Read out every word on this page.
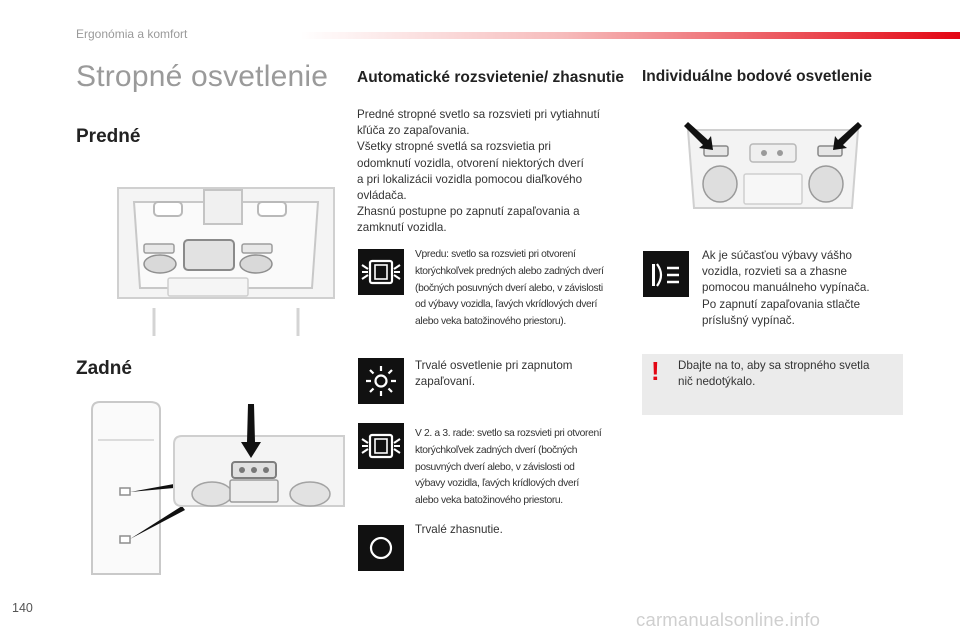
Ergonómia a komfort
Stropné osvetlenie
Predné
Zadné
Automatické rozsvietenie/ zhasnutie
Predné stropné svetlo sa rozsvieti pri vytiahnutí
kľúča zo zapaľovania.
Všetky stropné svetlá sa rozsvietia pri
odomknutí vozidla, otvorení niektorých dverí
a pri lokalizácii vozidla pomocou diaľkového
ovládača.
Zhasnú postupne po zapnutí zapaľovania a
zamknutí vozidla.
Vpredu: svetlo sa rozsvieti pri otvorení
ktorýchkoľvek predných alebo zadných dverí
(bočných posuvných dverí alebo, v závislosti
od výbavy vozidla, ľavých vkrídlových dverí
alebo veka batožinového priestoru).
Trvalé osvetlenie pri zapnutom
zapaľovaní.
V 2. a 3. rade: svetlo sa rozsvieti pri otvorení
ktorýchkoľvek zadných dverí (bočných
posuvných dverí alebo, v závislosti od
výbavy vozidla, ľavých krídlových dverí
alebo veka batožinového priestoru.
Trvalé zhasnutie.
Individuálne bodové osvetlenie
Ak je súčasťou výbavy vášho
vozidla, rozvieti sa a zhasne
pomocou manuálneho vypínača.
Po zapnutí zapaľovania stlačte
príslušný vypínač.
! Dbajte na to, aby sa stropného svetla
nič nedotýkalo.
140
carmanualsonline.info
